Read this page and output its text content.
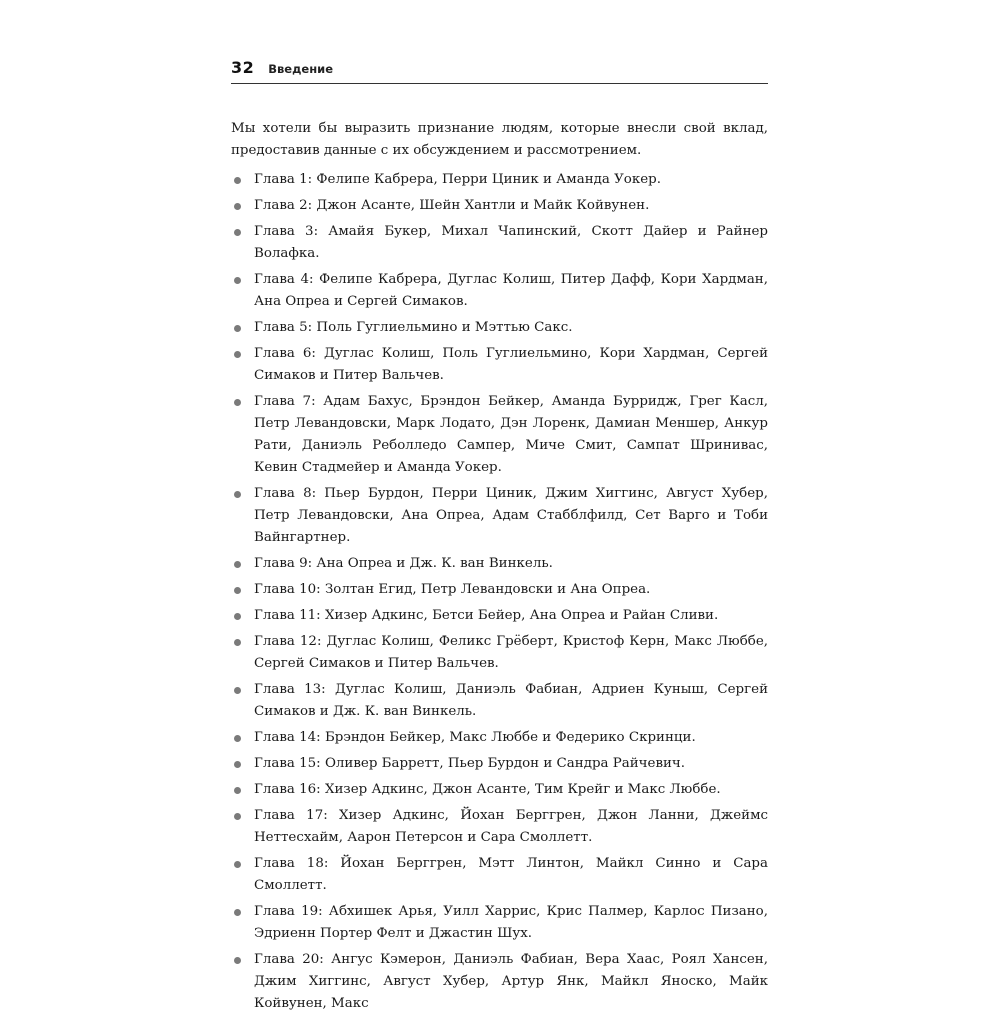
32 Введение

Мы хотели бы выразить признание людям, которые внесли свой вклад, предоставив данные с их обсуждением и рассмотрением.

Глава 1: Фелипе Кабрера, Перри Циник и Аманда Уокер.
Глава 2: Джон Асанте, Шейн Хантли и Майк Койвунен.
Глава 3: Амайя Букер, Михал Чапинский, Скотт Дайер и Райнер Волафка.
Глава 4: Фелипе Кабрера, Дуглас Колиш, Питер Дафф, Кори Хардман, Ана Опреа и Сергей Симаков.
Глава 5: Поль Гуглиельмино и Мэттью Сакс.
Глава 6: Дуглас Колиш, Поль Гуглиельмино, Кори Хардман, Сергей Симаков и Питер Вальчев.
Глава 7: Адам Бахус, Брэндон Бейкер, Аманда Бурридж, Грег Касл, Петр Левандовски, Марк Лодато, Дэн Лоренк, Дамиан Меншер, Анкур Рати, Даниэль Реболледо Сампер, Миче Смит, Сампат Шринивас, Кевин Стадмейер и Аманда Уокер.
Глава 8: Пьер Бурдон, Перри Циник, Джим Хиггинс, Август Хубер, Петр Левандовски, Ана Опреа, Адам Стабблфилд, Сет Варго и Тоби Вайнгартнер.
Глава 9: Ана Опреа и Дж. К. ван Винкель.
Глава 10: Золтан Егид, Петр Левандовски и Ана Опреа.
Глава 11: Хизер Адкинс, Бетси Бейер, Ана Опреа и Райан Сливи.
Глава 12: Дуглас Колиш, Феликс Грёберт, Кристоф Керн, Макс Люббе, Сергей Симаков и Питер Вальчев.
Глава 13: Дуглас Колиш, Даниэль Фабиан, Адриен Куныш, Сергей Симаков и Дж. К. ван Винкель.
Глава 14: Брэндон Бейкер, Макс Люббе и Федерико Скринци.
Глава 15: Оливер Барретт, Пьер Бурдон и Сандра Райчевич.
Глава 16: Хизер Адкинс, Джон Асанте, Тим Крейг и Макс Люббе.
Глава 17: Хизер Адкинс, Йохан Берггрен, Джон Ланни, Джеймс Неттесхайм, Аарон Петерсон и Сара Смоллетт.
Глава 18: Йохан Берггрен, Мэтт Линтон, Майкл Синно и Сара Смоллетт.
Глава 19: Абхишек Арья, Уилл Харрис, Крис Палмер, Карлос Пизано, Эдриенн Портер Фелт и Джастин Шух.
Глава 20: Ангус Кэмерон, Даниэль Фабиан, Вера Хаас, Роял Хансен, Джим Хиггинс, Август Хубер, Артур Янк, Майкл Яноско, Майк Койвунен, Макс
